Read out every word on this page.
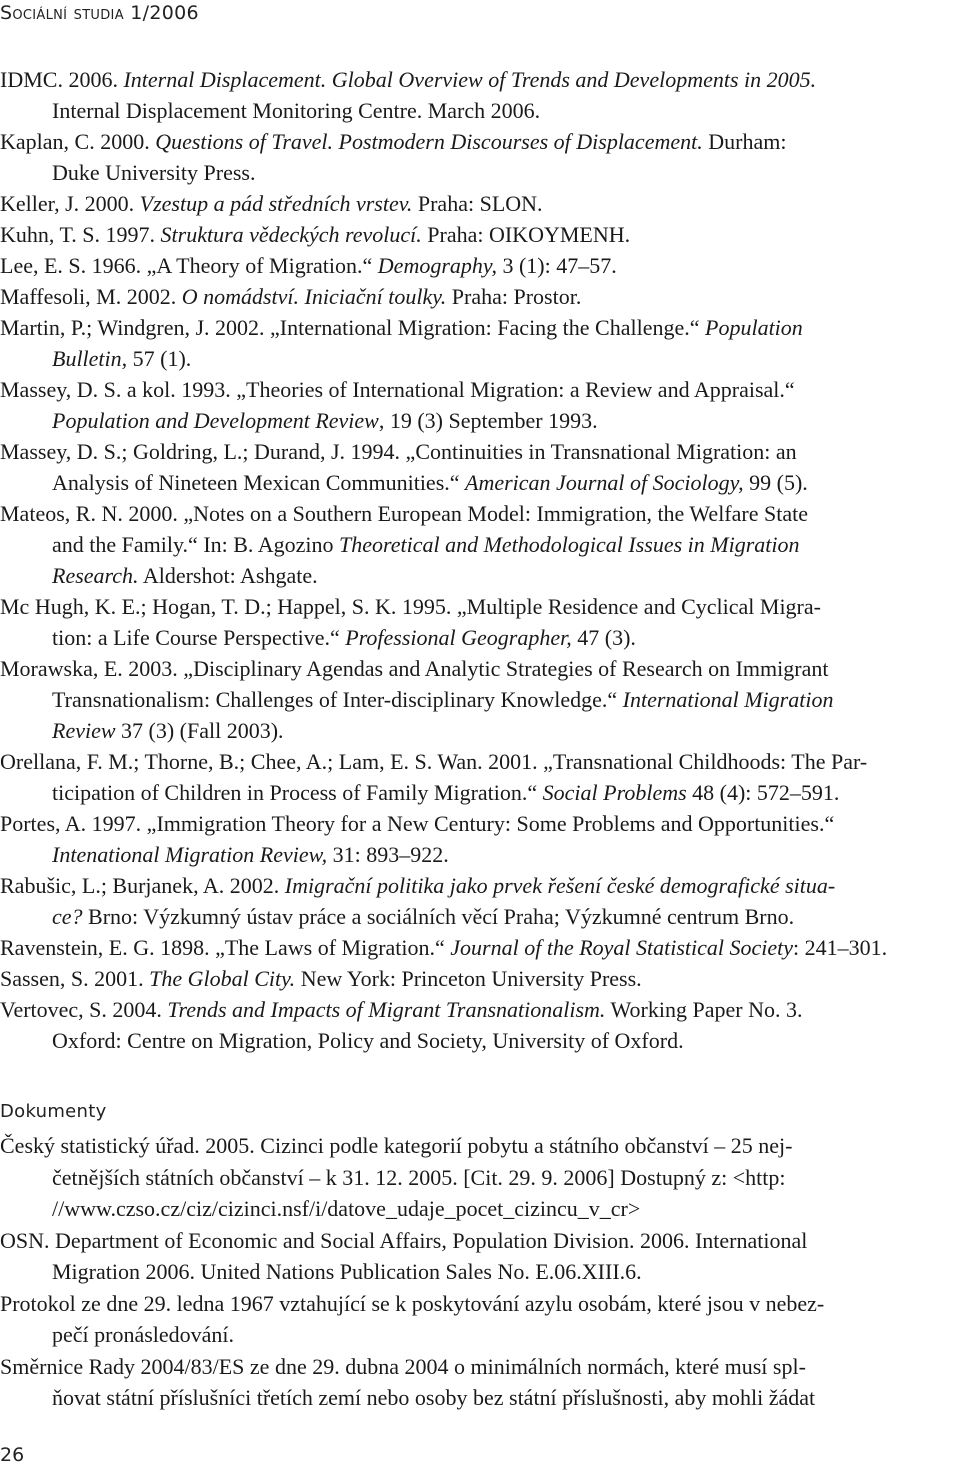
Sociální studia 1/2006
IDMC. 2006. Internal Displacement. Global Overview of Trends and Developments in 2005.
Internal Displacement Monitoring Centre. March 2006.
Kaplan, C. 2000. Questions of Travel. Postmodern Discourses of Displacement. Durham:
Duke University Press.
Keller, J. 2000. Vzestup a pád středních vrstev. Praha: SLON.
Kuhn, T. S. 1997. Struktura vědeckých revolucí. Praha: OIKOYMENH.
Lee, E. S. 1966. „A Theory of Migration.“ Demography, 3 (1): 47–57.
Maffesoli, M. 2002. O nomádství. Iniciační toulky. Praha: Prostor.
Martin, P.; Windgren, J. 2002. „International Migration: Facing the Challenge.“ Population
Bulletin, 57 (1).
Massey, D. S. a kol. 1993. „Theories of International Migration: a Review and Appraisal.“
Population and Development Review, 19 (3) September 1993.
Massey, D. S.; Goldring, L.; Durand, J. 1994. „Continuities in Transnational Migration: an
Analysis of Nineteen Mexican Communities.“ American Journal of Sociology, 99 (5).
Mateos, R. N. 2000. „Notes on a Southern European Model: Immigration, the Welfare State
and the Family.“ In: B. Agozino Theoretical and Methodological Issues in Migration
Research. Aldershot: Ashgate.
Mc Hugh, K. E.; Hogan, T. D.; Happel, S. K. 1995. „Multiple Residence and Cyclical Migra-
tion: a Life Course Perspective.“ Professional Geographer, 47 (3).
Morawska, E. 2003. „Disciplinary Agendas and Analytic Strategies of Research on Immigrant
Transnationalism: Challenges of Inter-disciplinary Knowledge.“ International Migration
Review 37 (3) (Fall 2003).
Orellana, F. M.; Thorne, B.; Chee, A.; Lam, E. S. Wan. 2001. „Transnational Childhoods: The Par-
ticipation of Children in Process of Family Migration.“ Social Problems 48 (4): 572–591.
Portes, A. 1997. „Immigration Theory for a New Century: Some Problems and Opportunities.“
Intenational Migration Review, 31: 893–922.
Rabušic, L.; Burjanek, A. 2002. Imigrační politika jako prvek řešení české demografické situa-
ce? Brno: Výzkumný ústav práce a sociálních věcí Praha; Výzkumné centrum Brno.
Ravenstein, E. G. 1898. „The Laws of Migration.“ Journal of the Royal Statistical Society: 241–301.
Sassen, S. 2001. The Global City. New York: Princeton University Press.
Vertovec, S. 2004. Trends and Impacts of Migrant Transnationalism. Working Paper No. 3.
Oxford: Centre on Migration, Policy and Society, University of Oxford.
Dokumenty
Český statistický úřad. 2005. Cizinci podle kategorií pobytu a státního občanství – 25 nej-
četnějších státních občanství – k 31. 12. 2005. [Cit. 29. 9. 2006] Dostupný z: <http:
//www.czso.cz/ciz/cizinci.nsf/i/datove_udaje_pocet_cizincu_v_cr>
OSN. Department of Economic and Social Affairs, Population Division. 2006. International
Migration 2006. United Nations Publication Sales No. E.06.XIII.6.
Protokol ze dne 29. ledna 1967 vztahující se k poskytování azylu osobám, které jsou v nebez-
pečí pronásledování.
Směrnice Rady 2004/83/ES ze dne 29. dubna 2004 o minimálních normách, které musí spl-
ňovat státní příslušníci třetích zemí nebo osoby bez státní příslušnosti, aby mohli žádat
26
